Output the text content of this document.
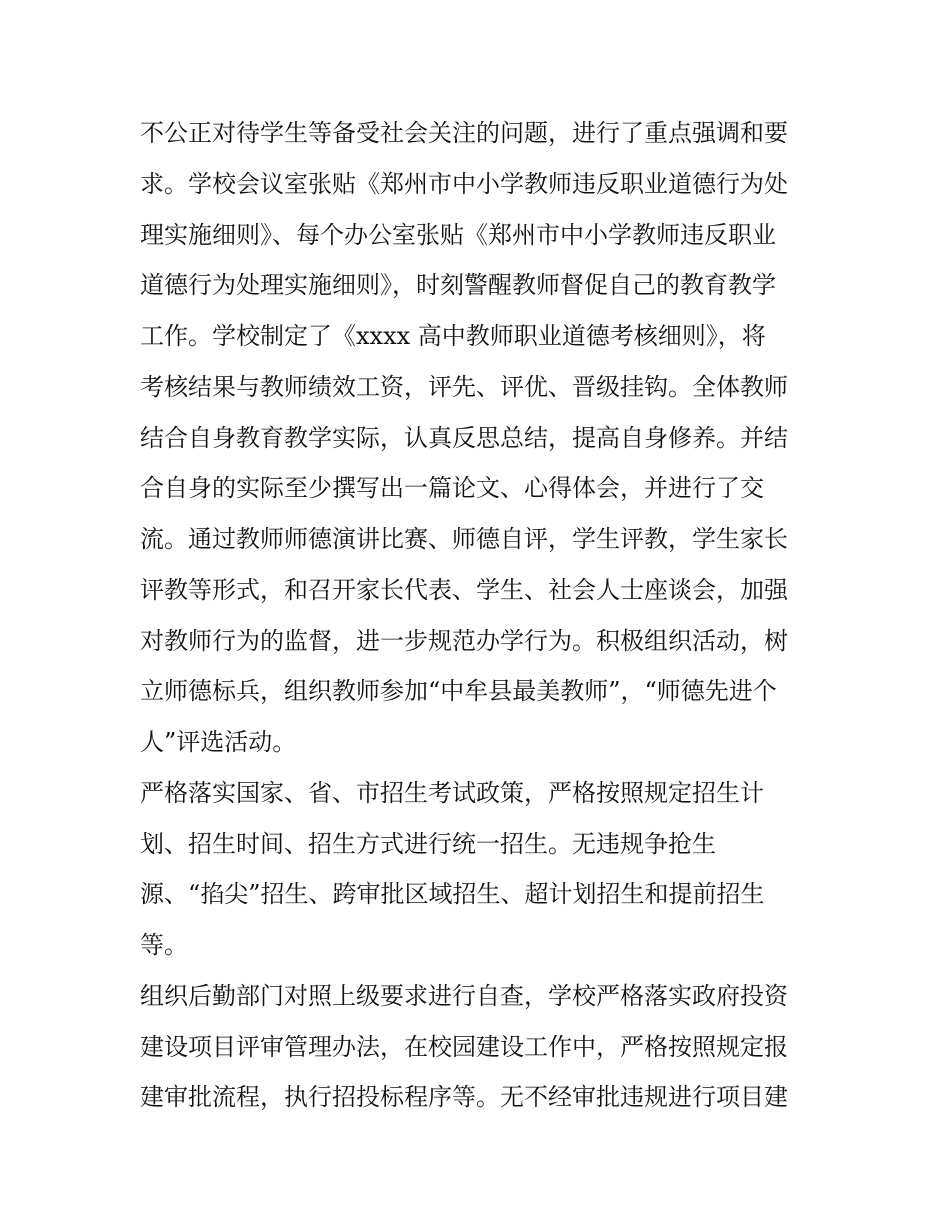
不公正对待学生等备受社会关注的问题，进行了重点强调和要
求。学校会议室张贴《郑州市中小学教师违反职业道德行为处
理实施细则》、每个办公室张贴《郑州市中小学教师违反职业
道德行为处理实施细则》，时刻警醒教师督促自己的教育教学
工作。学校制定了《xxxx 高中教师职业道德考核细则》，将
考核结果与教师绩效工资，评先、评优、晋级挂钩。全体教师
结合自身教育教学实际，认真反思总结，提高自身修养。并结
合自身的实际至少撰写出一篇论文、心得体会，并进行了交
流。通过教师师德演讲比赛、师德自评，学生评教，学生家长
评教等形式，和召开家长代表、学生、社会人士座谈会，加强
对教师行为的监督，进一步规范办学行为。积极组织活动，树
立师德标兵，组织教师参加“中牟县最美教师”，“师德先进个
人”评选活动。
严格落实国家、省、市招生考试政策，严格按照规定招生计
划、招生时间、招生方式进行统一招生。无违规争抢生
源、“掐尖”招生、跨审批区域招生、超计划招生和提前招生
等。
组织后勤部门对照上级要求进行自查，学校严格落实政府投资
建设项目评审管理办法，在校园建设工作中，严格按照规定报
建审批流程，执行招投标程序等。无不经审批违规进行项目建
